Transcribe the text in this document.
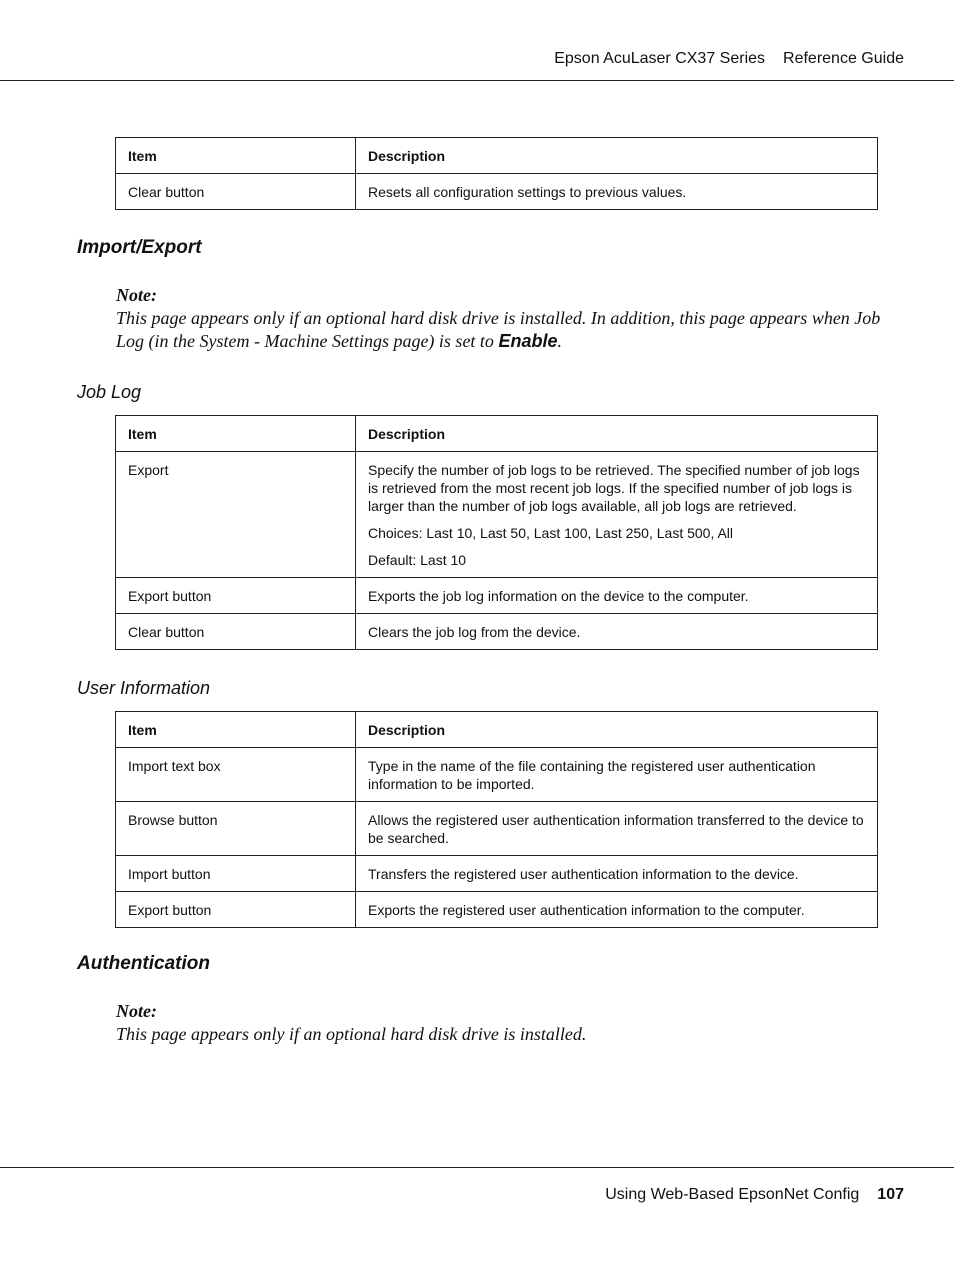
Epson AcuLaser CX37 Series Reference Guide
Item	Description
Clear button	Resets all configuration settings to previous values.
Import/Export
Note:
This page appears only if an optional hard disk drive is installed. In addition, this page appears when Job Log (in the System - Machine Settings page) is set to Enable.
Job Log
Item	Description
Export	Specify the number of job logs to be retrieved. The specified number of job logs is retrieved from the most recent job logs. If the specified number of job logs is larger than the number of job logs available, all job logs are retrieved.

Choices: Last 10, Last 50, Last 100, Last 250, Last 500, All

Default: Last 10

Export button	Exports the job log information on the device to the computer.
Clear button	Clears the job log from the device.
User Information
Item	Description
Import text box	Type in the name of the file containing the registered user authentication information to be imported.
Browse button	Allows the registered user authentication information transferred to the device to be searched.
Import button	Transfers the registered user authentication information to the device.
Export button	Exports the registered user authentication information to the computer.
Authentication
Note:
This page appears only if an optional hard disk drive is installed.
Using Web-Based EpsonNet Config 107
